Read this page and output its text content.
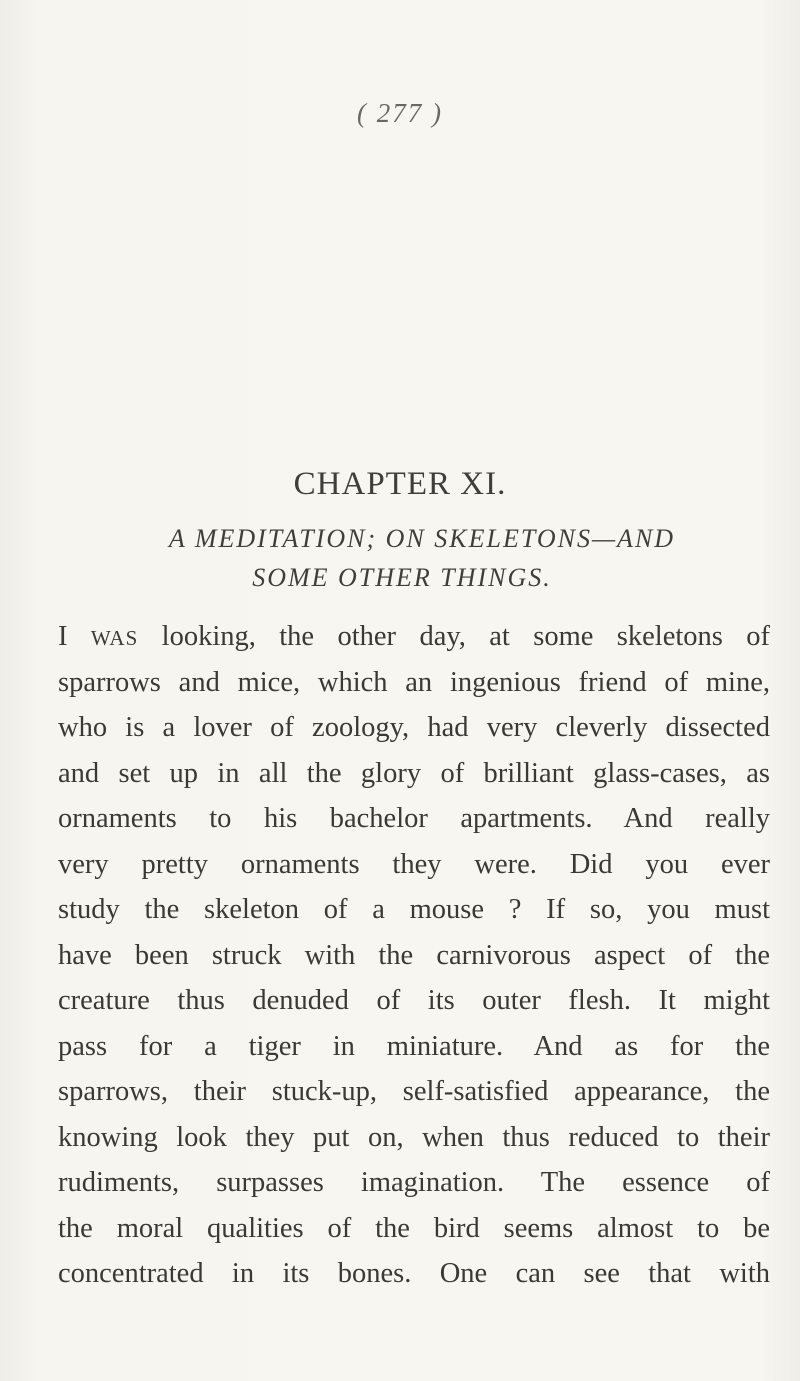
( 277 )
CHAPTER XI.
A MEDITATION; ON SKELETONS—AND
SOME OTHER THINGS.
I WAS looking, the other day, at some skeletons of
sparrows and mice, which an ingenious friend of mine,
who is a lover of zoology, had very cleverly dissected
and set up in all the glory of brilliant glass-cases, as
ornaments to his bachelor apartments. And really
very pretty ornaments they were. Did you ever
study the skeleton of a mouse ? If so, you must
have been struck with the carnivorous aspect of the
creature thus denuded of its outer flesh. It might
pass for a tiger in miniature. And as for the
sparrows, their stuck-up, self-satisfied appearance, the
knowing look they put on, when thus reduced to their
rudiments, surpasses imagination. The essence of
the moral qualities of the bird seems almost to be
concentrated in its bones. One can see that with
